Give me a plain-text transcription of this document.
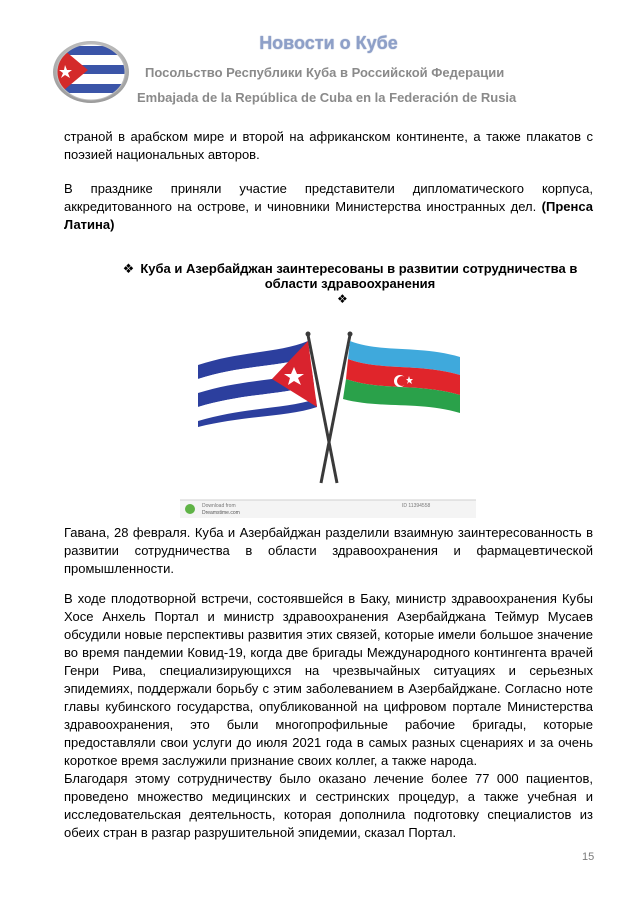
Новости о Кубе
Посольство Республики Куба в Российской Федерации
Embajada de la República de Cuba en la Federación de Rusia

страной в арабском мире и второй на африканском континенте, а также плакатов с поэзией национальных авторов.

В празднике приняли участие представители дипломатического корпуса, аккредитованного на острове, и чиновники Министерства иностранных дел. (Пренса Латина)

❖ Куба и Азербайджан заинтересованы в развитии сотрудничества в области здравоохранения

❖
Download from
Dreamstime.com
ID 11394558

Гавана, 28 февраля. Куба и Азербайджан разделили взаимную заинтересованность в развитии сотрудничества в области здравоохранения и фармацевтической промышленности.

В ходе плодотворной встречи, состоявшейся в Баку, министр здравоохранения Кубы Хосе Анхель Портал и министр здравоохранения Азербайджана Теймур Мусаев обсудили новые перспективы развития этих связей, которые имели большое значение во время пандемии Ковид-19, когда две бригады Международного контингента врачей Генри Рива, специализирующихся на чрезвычайных ситуациях и серьезных эпидемиях, поддержали борьбу с этим заболеванием в Азербайджане. Согласно ноте главы кубинского государства, опубликованной на цифровом портале Министерства здравоохранения, это были многопрофильные рабочие бригады, которые предоставляли свои услуги до июля 2021 года в самых разных сценариях и за очень короткое время заслужили признание своих коллег, а также народа.

Благодаря этому сотрудничеству было оказано лечение более 77 000 пациентов, проведено множество медицинских и сестринских процедур, а также учебная и исследовательская деятельность, которая дополнила подготовку специалистов из обеих стран в разгар разрушительной эпидемии, сказал Портал.

15
